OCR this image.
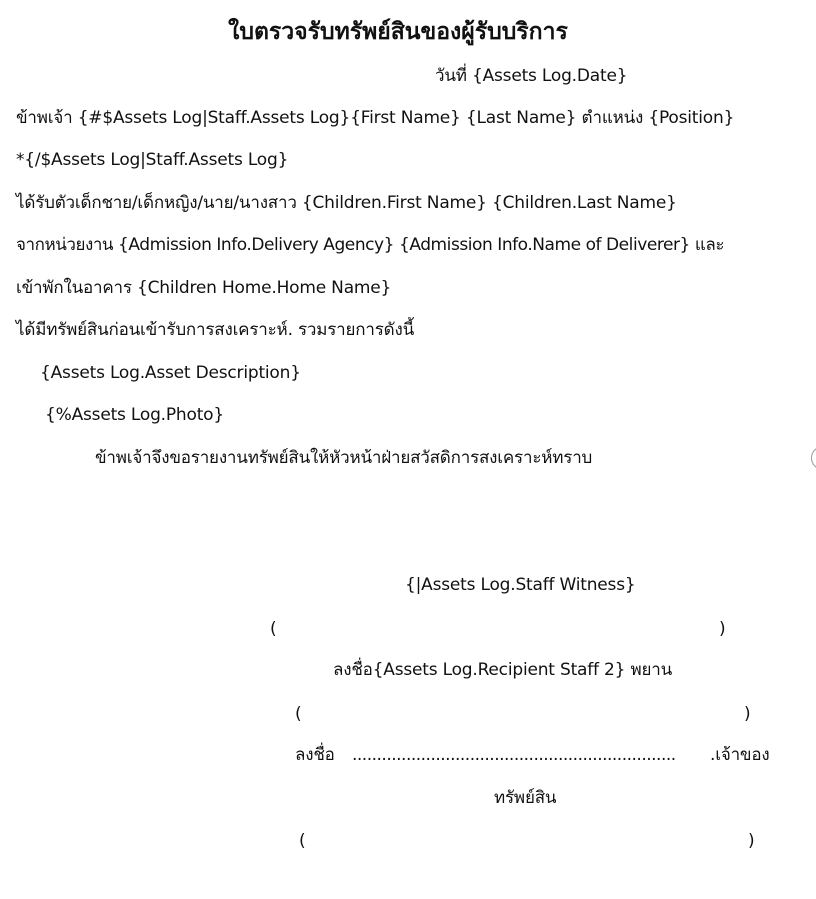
ใบตรวจรับทรัพย์สินของผู้รับบริการ
วันที่ {Assets Log.Date}
ข้าพเจ้า {#$Assets Log|Staff.Assets Log}{First Name} {Last Name} ตำแหน่ง {Position}
*{/$Assets Log|Staff.Assets Log}
ได้รับตัวเด็กชาย/เด็กหญิง/นาย/นางสาว {Children.First Name} {Children.Last Name}
จากหน่วยงาน {Admission Info.Delivery Agency} {Admission Info.Name of Deliverer} และ
เข้าพักในอาคาร {Children Home.Home Name}
ได้มีทรัพย์สินก่อนเข้ารับการสงเคราะห์. รวมรายการดังนี้
{Assets Log.Asset Description}
{%Assets Log.Photo}
ข้าพเจ้าจึงขอรายงานทรัพย์สินให้หัวหน้าฝ่ายสวัสดิการสงเคราะห์ทราบ
{|Assets Log.Staff Witness}
(	)
ลงชื่อ{Assets Log.Recipient Staff 2} พยาน
(	)
ลงชื่อ .................................................................. .เจ้าของ
ทรัพย์สิน
(	)
